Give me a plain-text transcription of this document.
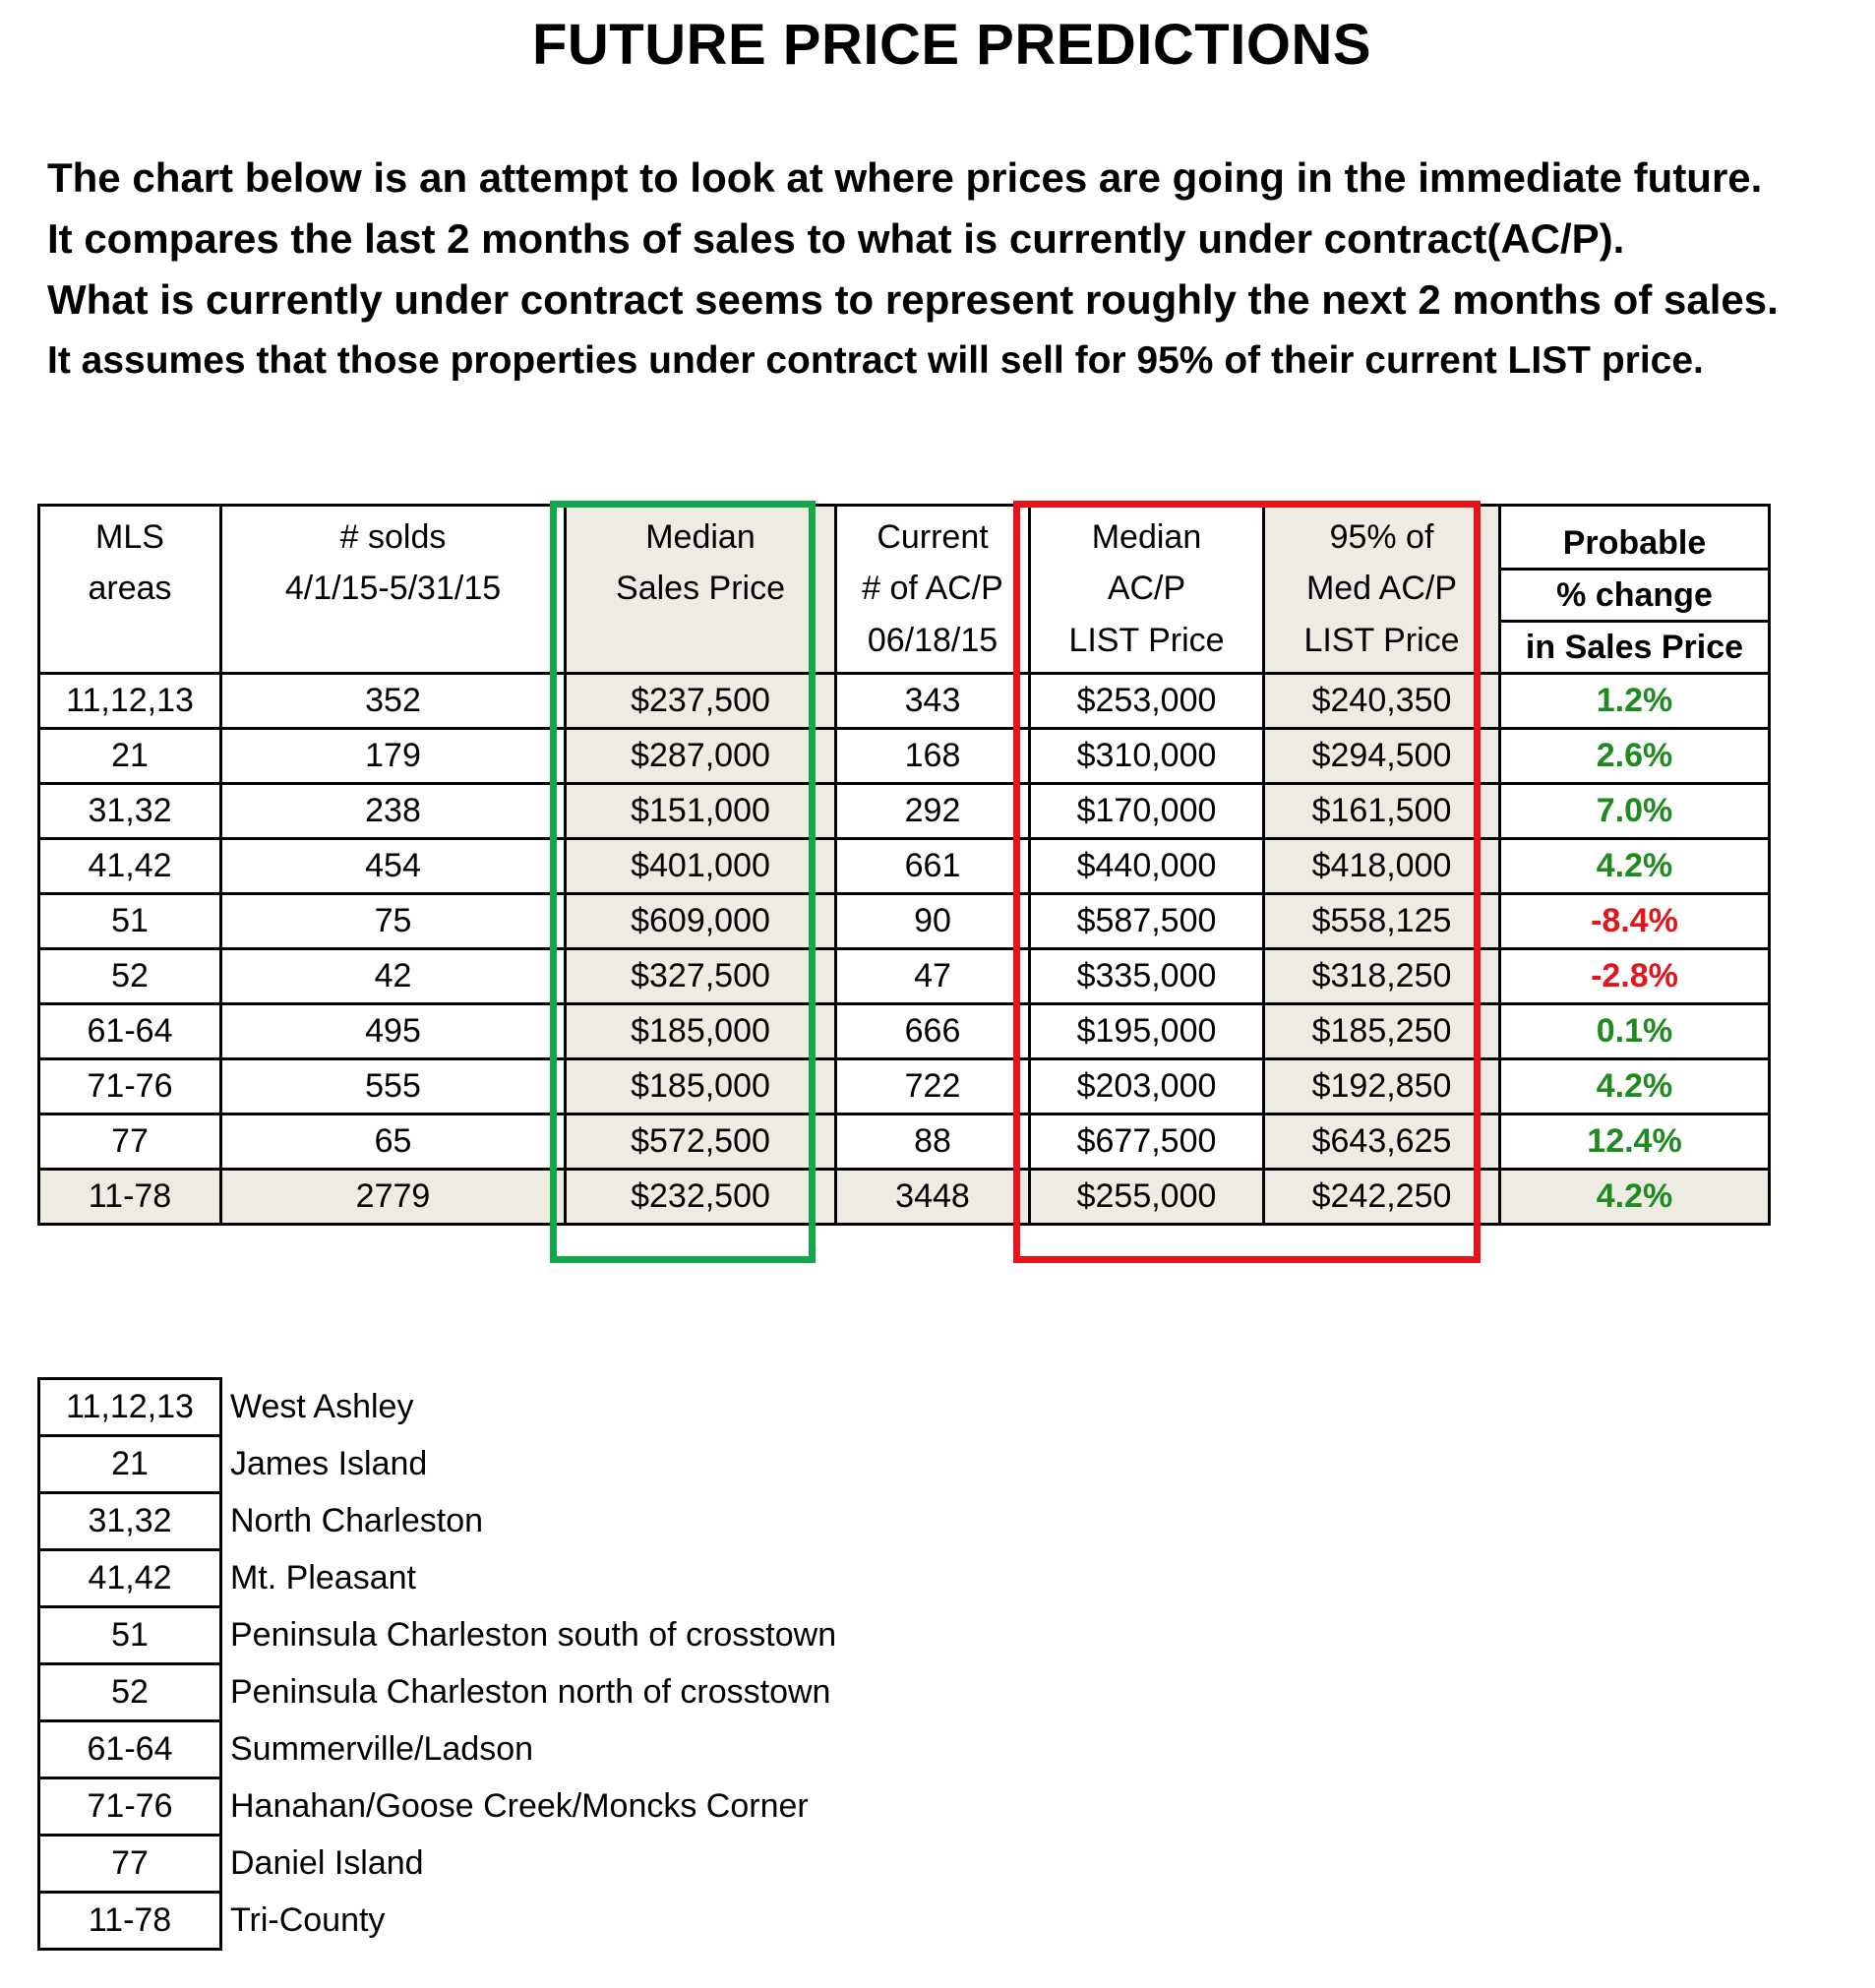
FUTURE PRICE PREDICTIONS

The chart below is an attempt to look at where prices are going in the immediate future.

It compares the last 2 months of sales to what is currently under contract(AC/P).

What is currently under contract seems to represent roughly the next 2 months of sales.

It assumes that those properties under contract will sell for 95% of their current LIST price.

MLS	# solds	Median	Current	Median	95% of	Probable
areas	4/1/15-5/31/15	Sales Price	# of AC/P	AC/P	Med AC/P	% change
			06/18/15	LIST Price	LIST Price	in Sales Price
11,12,13	352	$237,500	343	$253,000	$240,350	1.2%
21	179	$287,000	168	$310,000	$294,500	2.6%
31,32	238	$151,000	292	$170,000	$161,500	7.0%
41,42	454	$401,000	661	$440,000	$418,000	4.2%
51	75	$609,000	90	$587,500	$558,125	-8.4%
52	42	$327,500	47	$335,000	$318,250	-2.8%
61-64	495	$185,000	666	$195,000	$185,250	0.1%
71-76	555	$185,000	722	$203,000	$192,850	4.2%
77	65	$572,500	88	$677,500	$643,625	12.4%
11-78	2779	$232,500	3448	$255,000	$242,250	4.2%
11,12,13	West Ashley
21	James Island
31,32	North Charleston
41,42	Mt. Pleasant
51	Peninsula Charleston south of crosstown
52	Peninsula Charleston north of crosstown
61-64	Summerville/Ladson
71-76	Hanahan/Goose Creek/Moncks Corner
77	Daniel Island
11-78	Tri-County
